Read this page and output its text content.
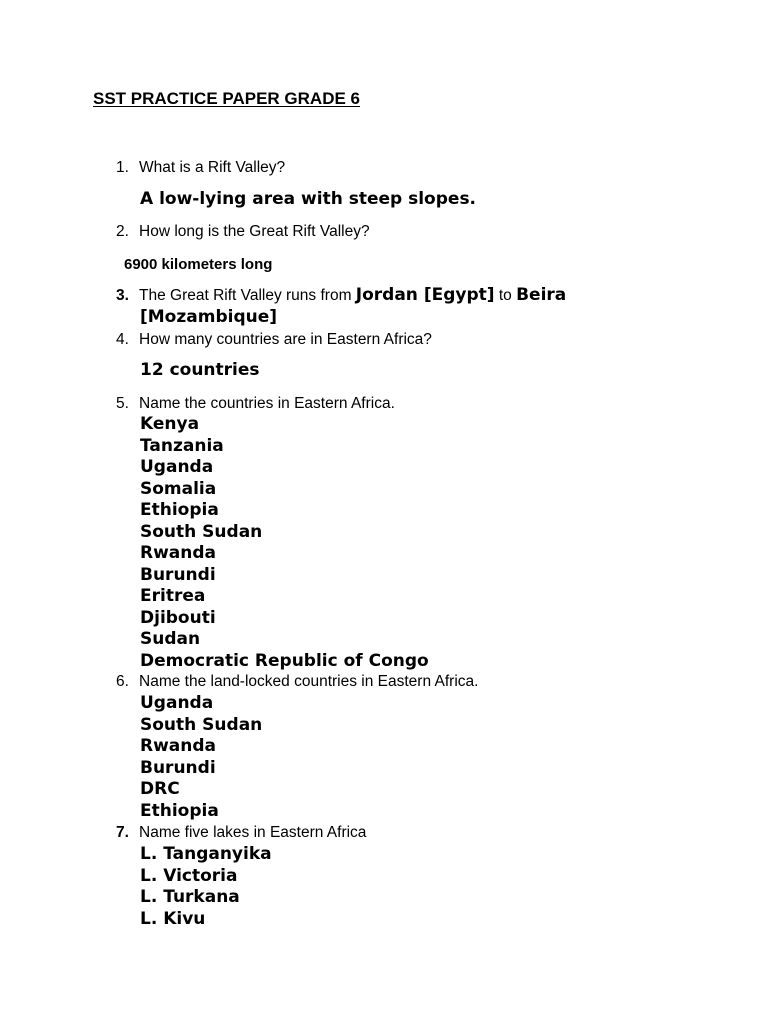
SST PRACTICE PAPER GRADE 6
1. What is a Rift Valley?
A low-lying area with steep slopes.
2. How long is the Great Rift Valley?
6900 kilometers long
3. The Great Rift Valley runs from Jordan [Egypt] to Beira
[Mozambique]
4. How many countries are in Eastern Africa?
12 countries
5. Name the countries in Eastern Africa.
Kenya
Tanzania
Uganda
Somalia
Ethiopia
South Sudan
Rwanda
Burundi
Eritrea
Djibouti
Sudan
Democratic Republic of Congo
6. Name the land-locked countries in Eastern Africa.
Uganda
South Sudan
Rwanda
Burundi
DRC
Ethiopia
7. Name five lakes in Eastern Africa
L. Tanganyika
L. Victoria
L. Turkana
L. Kivu
